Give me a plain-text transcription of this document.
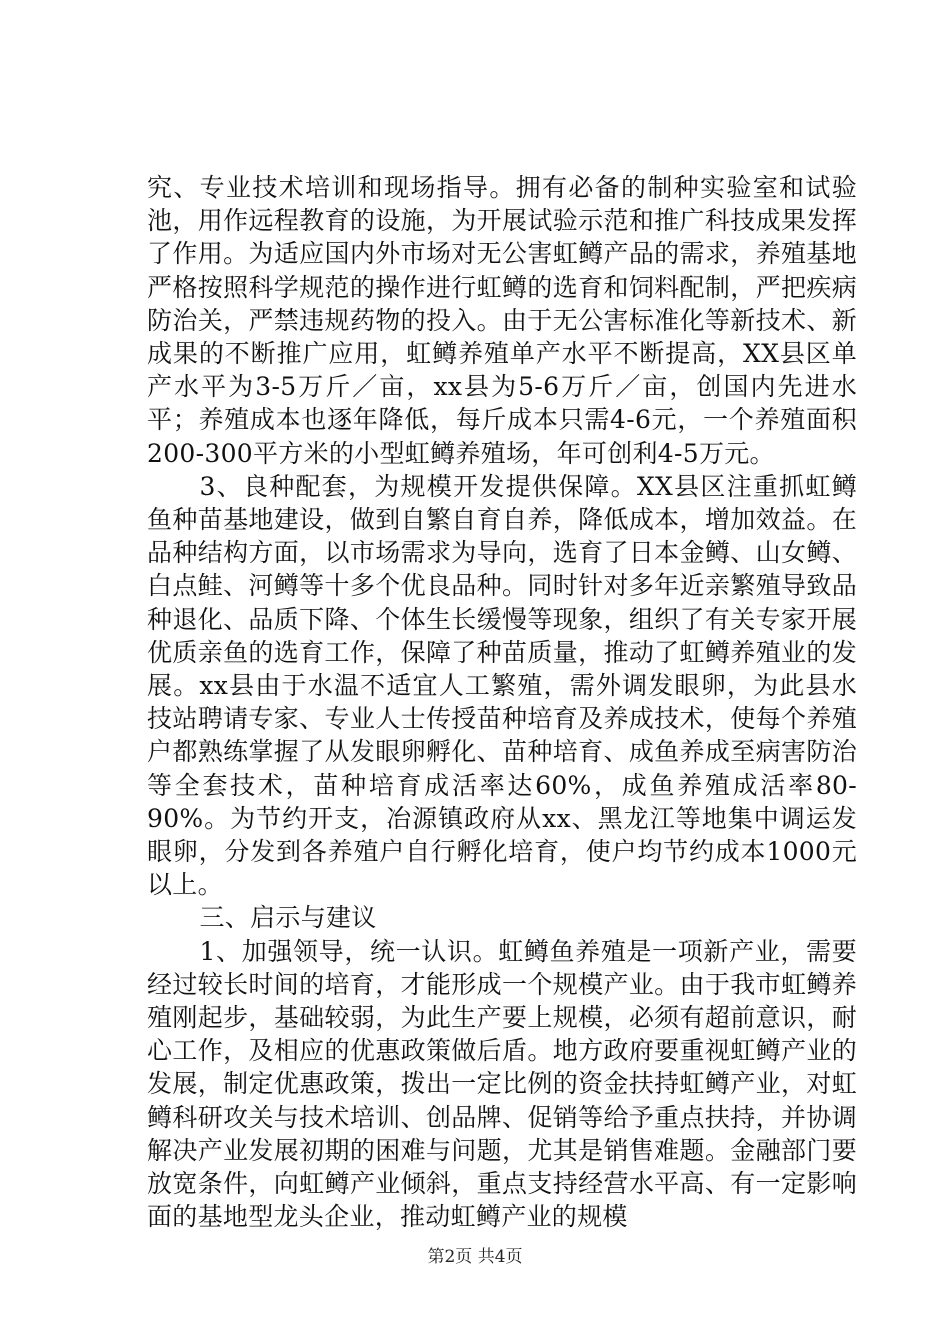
究、专业技术培训和现场指导。拥有必备的制种实验室和试验池，用作远程教育的设施，为开展试验示范和推广科技成果发挥了作用。为适应国内外市场对无公害虹鳟产品的需求，养殖基地严格按照科学规范的操作进行虹鳟的选育和饲料配制，严把疾病防治关，严禁违规药物的投入。由于无公害标准化等新技术、新成果的不断推广应用，虹鳟养殖单产水平不断提高，XX县区单产水平为3-5万斤／亩，xx县为5-6万斤／亩，创国内先进水平；养殖成本也逐年降低，每斤成本只需4-6元，一个养殖面积200-300平方米的小型虹鳟养殖场，年可创利4-5万元。

3、良种配套，为规模开发提供保障。XX县区注重抓虹鳟鱼种苗基地建设，做到自繁自育自养，降低成本，增加效益。在品种结构方面，以市场需求为导向，选育了日本金鳟、山女鳟、白点鲑、河鳟等十多个优良品种。同时针对多年近亲繁殖导致品种退化、品质下降、个体生长缓慢等现象，组织了有关专家开展优质亲鱼的选育工作，保障了种苗质量，推动了虹鳟养殖业的发展。xx县由于水温不适宜人工繁殖，需外调发眼卵，为此县水技站聘请专家、专业人士传授苗种培育及养成技术，使每个养殖户都熟练掌握了从发眼卵孵化、苗种培育、成鱼养成至病害防治等全套技术，苗种培育成活率达60%，成鱼养殖成活率80-90%。为节约开支，冶源镇政府从xx、黑龙江等地集中调运发眼卵，分发到各养殖户自行孵化培育，使户均节约成本1000元以上。

三、启示与建议

1、加强领导，统一认识。虹鳟鱼养殖是一项新产业，需要经过较长时间的培育，才能形成一个规模产业。由于我市虹鳟养殖刚起步，基础较弱，为此生产要上规模，必须有超前意识，耐心工作，及相应的优惠政策做后盾。地方政府要重视虹鳟产业的发展，制定优惠政策，拨出一定比例的资金扶持虹鳟产业，对虹鳟科研攻关与技术培训、创品牌、促销等给予重点扶持，并协调解决产业发展初期的困难与问题，尤其是销售难题。金融部门要放宽条件，向虹鳟产业倾斜，重点支持经营水平高、有一定影响面的基地型龙头企业，推动虹鳟产业的规模

第2页 共4页
